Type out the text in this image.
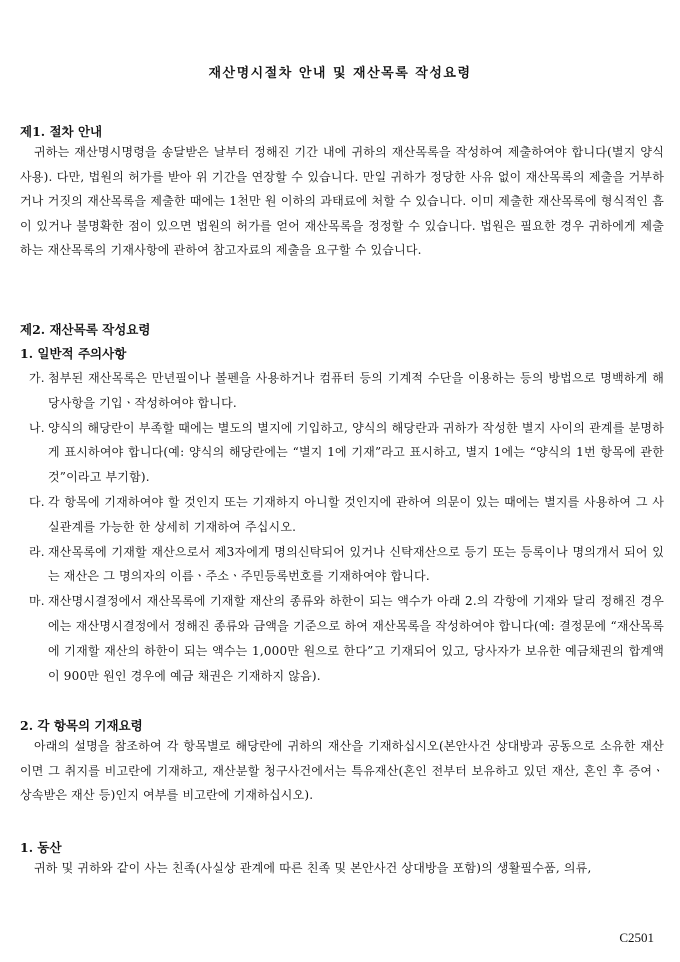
재산명시절차 안내 및 재산목록 작성요령
제1. 절차 안내

귀하는 재산명시명령을 송달받은 날부터 정해진 기간 내에 귀하의 재산목록을 작성하여 제출하여야 합니다(별지 양식 사용). 다만, 법원의 허가를 받아 위 기간을 연장할 수 있습니다. 만일 귀하가 정당한 사유 없이 재산목록의 제출을 거부하거나 거짓의 재산목록을 제출한 때에는 1천만 원 이하의 과태료에 처할 수 있습니다. 이미 제출한 재산목록에 형식적인 흠이 있거나 불명확한 점이 있으면 법원의 허가를 얻어 재산목록을 정정할 수 있습니다. 법원은 필요한 경우 귀하에게 제출하는 재산목록의 기재사항에 관하여 참고자료의 제출을 요구할 수 있습니다.

제2. 재산목록 작성요령
1. 일반적 주의사항
가. 첨부된 재산목록은 만년필이나 볼펜을 사용하거나 컴퓨터 등의 기계적 수단을 이용하는 등의 방법으로 명백하게 해당사항을 기입ㆍ작성하여야 합니다.
나. 양식의 해당란이 부족할 때에는 별도의 별지에 기입하고, 양식의 해당란과 귀하가 작성한 별지 사이의 관계를 분명하게 표시하여야 합니다(예: 양식의 해당란에는 “별지 1에 기재”라고 표시하고, 별지 1에는 “양식의 1번 항목에 관한 것”이라고 부기함).
다. 각 항목에 기재하여야 할 것인지 또는 기재하지 아니할 것인지에 관하여 의문이 있는 때에는 별지를 사용하여 그 사실관계를 가능한 한 상세히 기재하여 주십시오.
라. 재산목록에 기재할 재산으로서 제3자에게 명의신탁되어 있거나 신탁재산으로 등기 또는 등록이나 명의개서 되어 있는 재산은 그 명의자의 이름ㆍ주소ㆍ주민등록번호를 기재하여야 합니다.
마. 재산명시결정에서 재산목록에 기재할 재산의 종류와 하한이 되는 액수가 아래 2.의 각항에 기재와 달리 정해진 경우에는 재산명시결정에서 정해진 종류와 금액을 기준으로 하여 재산목록을 작성하여야 합니다(예: 결정문에 “재산목록에 기재할 재산의 하한이 되는 액수는 1,000만 원으로 한다”고 기재되어 있고, 당사자가 보유한 예금채권의 합계액이 900만 원인 경우에 예금 채권은 기재하지 않음).
2. 각 항목의 기재요령

아래의 설명을 참조하여 각 항목별로 해당란에 귀하의 재산을 기재하십시오(본안사건 상대방과 공동으로 소유한 재산이면 그 취지를 비고란에 기재하고, 재산분할 청구사건에서는 특유재산(혼인 전부터 보유하고 있던 재산, 혼인 후 증여ㆍ상속받은 재산 등)인지 여부를 비고란에 기재하십시오).

1. 동산

귀하 및 귀하와 같이 사는 친족(사실상 관계에 따른 친족 및 본안사건 상대방을 포함)의 생활필수품, 의류,

C2501
